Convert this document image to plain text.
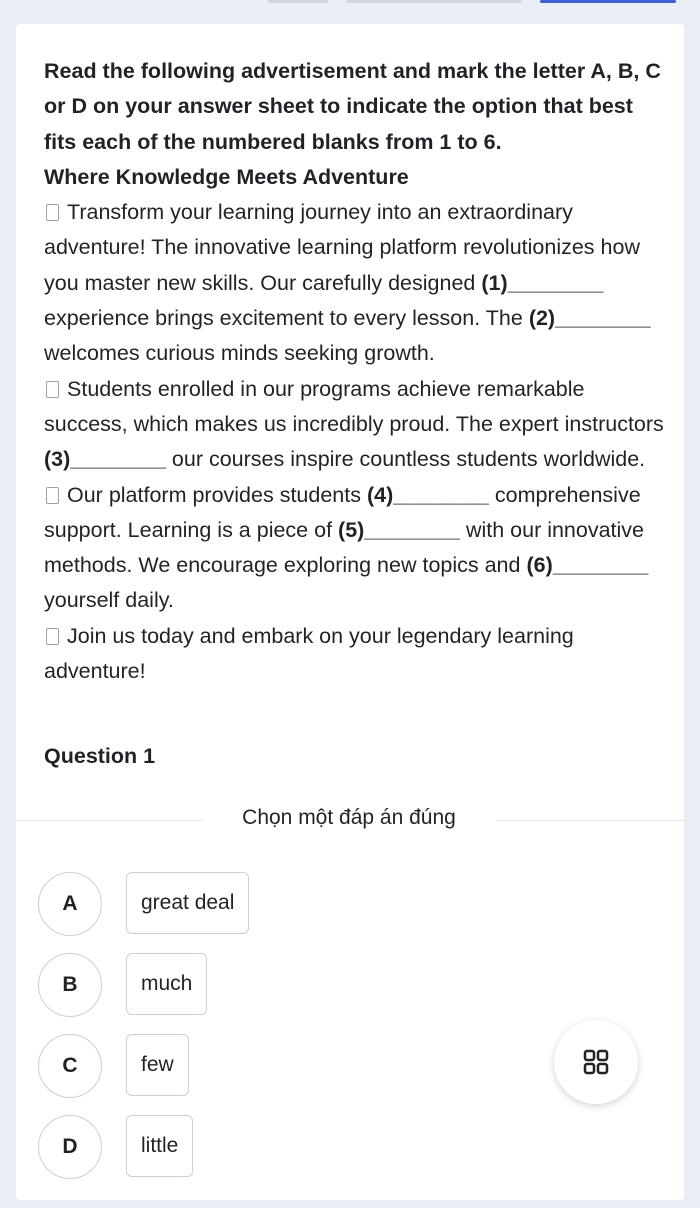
Read the following advertisement and mark the letter A, B, C or D on your answer sheet to indicate the option that best fits each of the numbered blanks from 1 to 6.

Where Knowledge Meets Adventure

Transform your learning journey into an extraordinary adventure! The innovative learning platform revolutionizes how you master new skills. Our carefully designed (1)________ experience brings excitement to every lesson. The (2)________ welcomes curious minds seeking growth.

Students enrolled in our programs achieve remarkable success, which makes us incredibly proud. The expert instructors (3)________ our courses inspire countless students worldwide.

Our platform provides students (4)________ comprehensive support. Learning is a piece of (5)________ with our innovative methods. We encourage exploring new topics and (6)________ yourself daily.

Join us today and embark on your legendary learning adventure!

Question 1
Chọn một đáp án đúng
A	great deal
B	much
C	few
D	little
